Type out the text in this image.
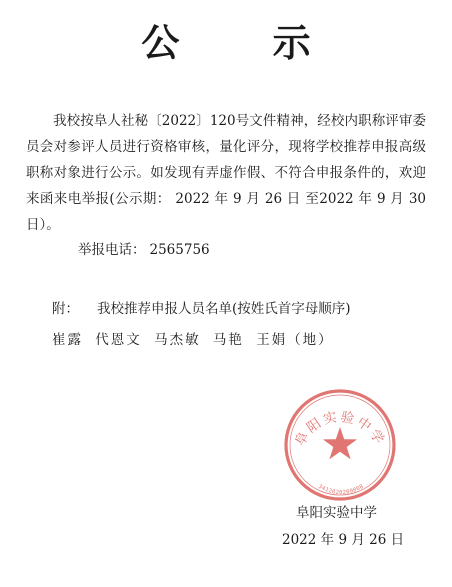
公 示

我校按阜人社秘〔2022〕120号文件精神，经校内职称评审委员会对参评人员进行资格审核，量化评分，现将学校推荐申报高级职称对象进行公示。如发现有弄虚作假、不符合申报条件的，欢迎来函来电举报(公示期： 2022 年 9 月 26 日 至2022 年 9 月 30 日）。

举报电话： 2565756
附： 我校推荐申报人员名单(按姓氏首字母顺序)
崔露 代恩文 马杰敏 马艳 王娟（地）
阜阳实验中学
3412020200008
阜阳实验中学
2022 年 9 月 26 日
